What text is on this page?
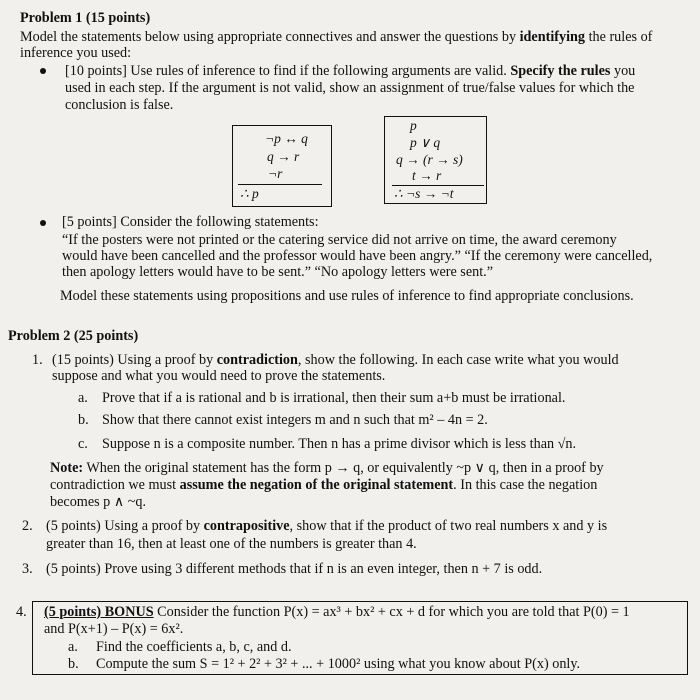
Problem 1 (15 points)
Model the statements below using appropriate connectives and answer the questions by identifying the rules of
inference you used:
[10 points] Use rules of inference to find if the following arguments are valid. Specify the rules you
used in each step. If the argument is not valid, show an assignment of true/false values for which the
conclusion is false.
¬p ↔ q
q → r
¬r
∴ p
p
p ∨ q
q → (r → s)
t → r
∴ ¬s → ¬t
[5 points] Consider the following statements:
“If the posters were not printed or the catering service did not arrive on time, the award ceremony
would have been cancelled and the professor would have been angry.” “If the ceremony were cancelled,
then apology letters would have to be sent.” “No apology letters were sent.”
Model these statements using propositions and use rules of inference to find appropriate conclusions.
Problem 2 (25 points)
1. (15 points) Using a proof by contradiction, show the following. In each case write what you would
suppose and what you would need to prove the statements.
a. Prove that if a is rational and b is irrational, then their sum a+b must be irrational.
b. Show that there cannot exist integers m and n such that m² – 4n = 2.
c. Suppose n is a composite number. Then n has a prime divisor which is less than √n.
Note: When the original statement has the form p → q, or equivalently ~p ∨ q, then in a proof by
contradiction we must assume the negation of the original statement. In this case the negation
becomes p ∧ ~q.
2. (5 points) Using a proof by contrapositive, show that if the product of two real numbers x and y is
greater than 16, then at least one of the numbers is greater than 4.
3. (5 points) Prove using 3 different methods that if n is an even integer, then n + 7 is odd.
4. (5 points) BONUS Consider the function P(x) = ax³ + bx² + cx + d for which you are told that P(0) = 1
and P(x+1) – P(x) = 6x².
a. Find the coefficients a, b, c, and d.
b. Compute the sum S = 1² + 2² + 3² + ... + 1000² using what you know about P(x) only.
